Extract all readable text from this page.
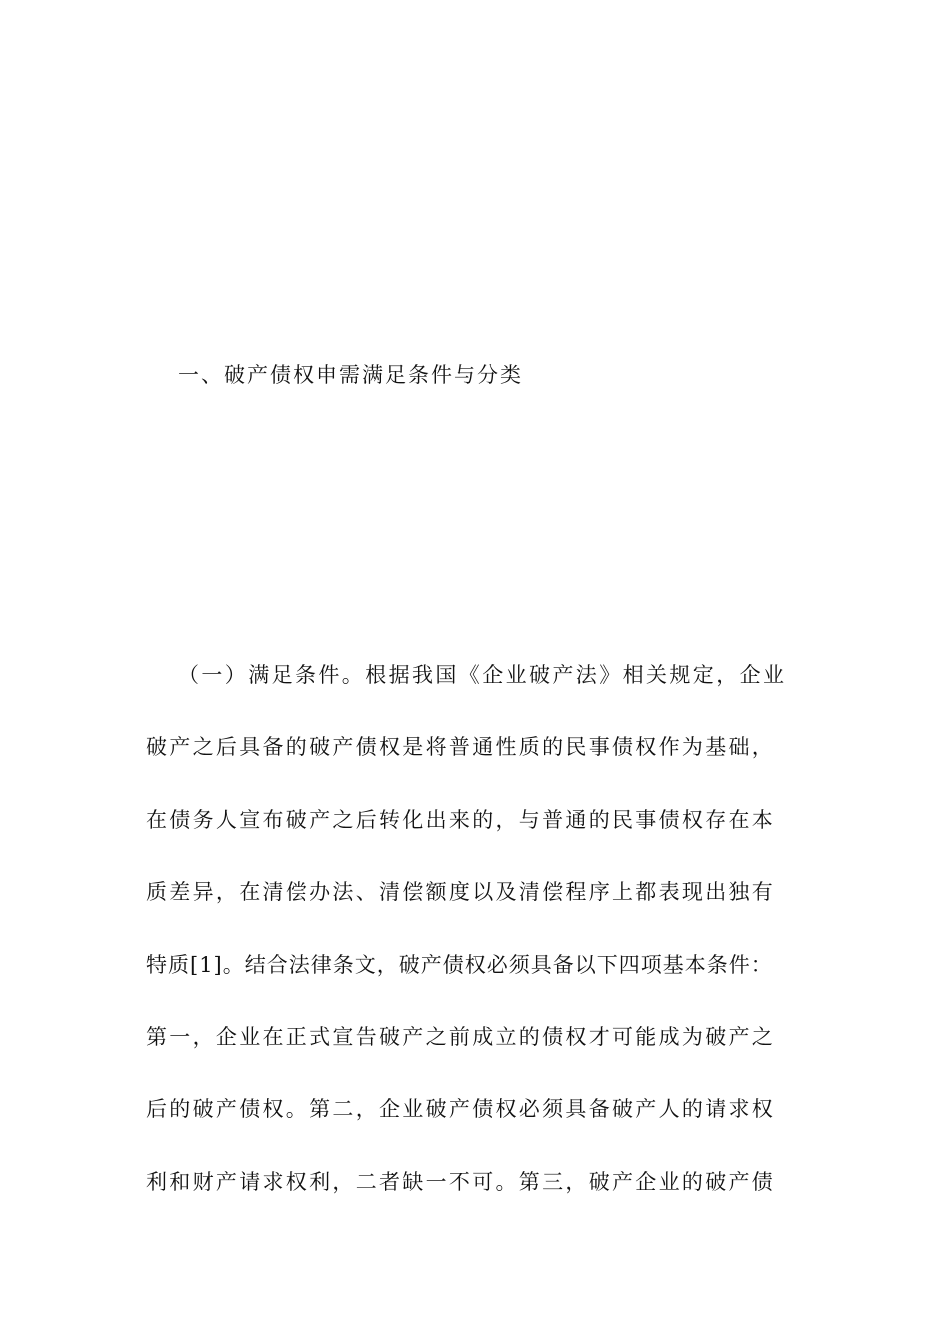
一、破产债权申需满足条件与分类
（一）满足条件。根据我国《企业破产法》相关规定，企业
破产之后具备的破产债权是将普通性质的民事债权作为基础，
在债务人宣布破产之后转化出来的，与普通的民事债权存在本
质差异，在清偿办法、清偿额度以及清偿程序上都表现出独有
特质[1]。结合法律条文，破产债权必须具备以下四项基本条件：
第一，企业在正式宣告破产之前成立的债权才可能成为破产之
后的破产债权。第二，企业破产债权必须具备破产人的请求权
利和财产请求权利，二者缺一不可。第三，破产企业的破产债
